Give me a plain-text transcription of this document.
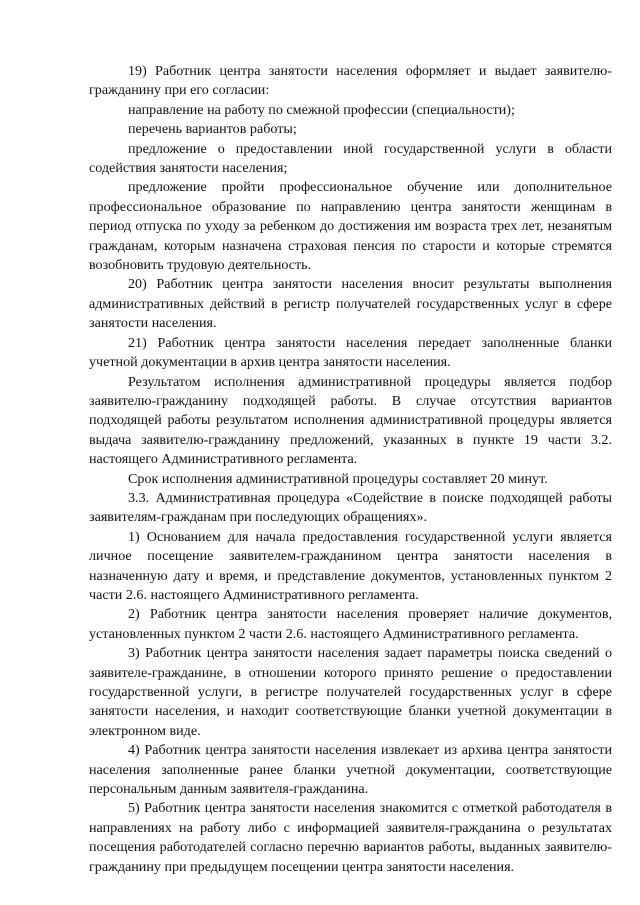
19) Работник центра занятости населения оформляет и выдает заявителю-гражданину при его согласии:

направление на работу по смежной профессии (специальности);

перечень вариантов работы;

предложение о предоставлении иной государственной услуги в области содействия занятости населения;

предложение пройти профессиональное обучение или дополнительное профессиональное образование по направлению центра занятости женщинам в период отпуска по уходу за ребенком до достижения им возраста трех лет, незанятым гражданам, которым назначена страховая пенсия по старости и которые стремятся возобновить трудовую деятельность.

20) Работник центра занятости населения вносит результаты выполнения административных действий в регистр получателей государственных услуг в сфере занятости населения.

21) Работник центра занятости населения передает заполненные бланки учетной документации в архив центра занятости населения.

Результатом исполнения административной процедуры является подбор заявителю-гражданину подходящей работы. В случае отсутствия вариантов подходящей работы результатом исполнения административной процедуры является выдача заявителю-гражданину предложений, указанных в пункте 19 части 3.2. настоящего Административного регламента.

Срок исполнения административной процедуры составляет 20 минут.

3.3. Административная процедура «Содействие в поиске подходящей работы заявителям-гражданам при последующих обращениях».

1) Основанием для начала предоставления государственной услуги является личное посещение заявителем-гражданином центра занятости населения в назначенную дату и время, и представление документов, установленных пунктом 2 части 2.6. настоящего Административного регламента.

2) Работник центра занятости населения проверяет наличие документов, установленных пунктом 2 части 2.6. настоящего Административного регламента.

3) Работник центра занятости населения задает параметры поиска сведений о заявителе-гражданине, в отношении которого принято решение о предоставлении государственной услуги, в регистре получателей государственных услуг в сфере занятости населения, и находит соответствующие бланки учетной документации в электронном виде.

4) Работник центра занятости населения извлекает из архива центра занятости населения заполненные ранее бланки учетной документации, соответствующие персональным данным заявителя-гражданина.

5) Работник центра занятости населения знакомится с отметкой работодателя в направлениях на работу либо с информацией заявителя-гражданина о результатах посещения работодателей согласно перечню вариантов работы, выданных заявителю-гражданину при предыдущем посещении центра занятости населения.
